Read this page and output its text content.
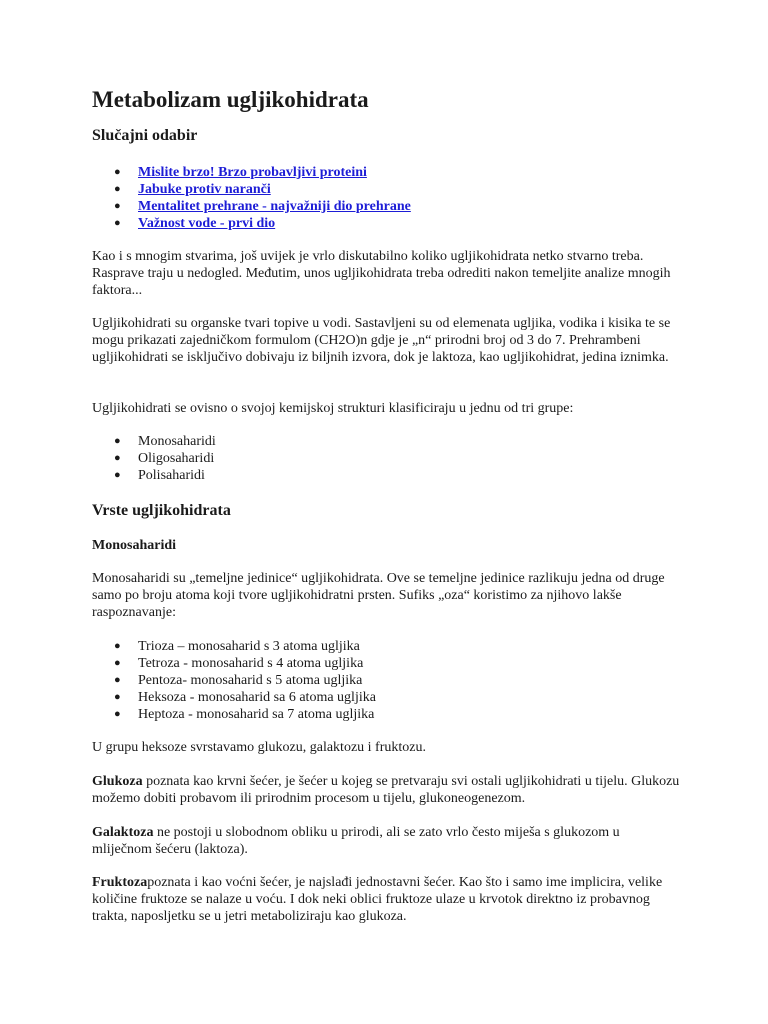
Metabolizam ugljikohidrata
Slučajni odabir
● Mislite brzo! Brzo probavljivi proteini
● Jabuke protiv naranči
● Mentalitet prehrane - najvažniji dio prehrane
● Važnost vode - prvi dio

Kao i s mnogim stvarima, još uvijek je vrlo diskutabilno koliko ugljikohidrata netko stvarno treba. Rasprave traju u nedogled. Međutim, unos ugljikohidrata treba odrediti nakon temeljite analize mnogih faktora...

Ugljikohidrati su organske tvari topive u vodi. Sastavljeni su od elemenata ugljika, vodika i kisika te se mogu prikazati zajedničkom formulom (CH2O)n gdje je „n“ prirodni broj od 3 do 7. Prehrambeni ugljikohidrati se isključivo dobivaju iz biljnih izvora, dok je laktoza, kao ugljikohidrat, jedina iznimka.

Ugljikohidrati se ovisno o svojoj kemijskoj strukturi klasificiraju u jednu od tri grupe:

● Monosaharidi
● Oligosaharidi
● Polisaharidi
Vrste ugljikohidrata
Monosaharidi

Monosaharidi su „temeljne jedinice“ ugljikohidrata. Ove se temeljne jedinice razlikuju jedna od druge samo po broju atoma koji tvore ugljikohidratni prsten. Sufiks „oza“ koristimo za njihovo lakše raspoznavanje:

● Trioza – monosaharid s 3 atoma ugljika
● Tetroza - monosaharid s 4 atoma ugljika
● Pentoza- monosaharid s 5 atoma ugljika
● Heksoza - monosaharid sa 6 atoma ugljika
● Heptoza - monosaharid sa 7 atoma ugljika

U grupu heksoze svrstavamo glukozu, galaktozu i fruktozu.

Glukoza poznata kao krvni šećer, je šećer u kojeg se pretvaraju svi ostali ugljikohidrati u tijelu. Glukozu možemo dobiti probavom ili prirodnim procesom u tijelu, glukoneogenezom.

Galaktoza ne postoji u slobodnom obliku u prirodi, ali se zato vrlo često miješa s glukozom u mliječnom šećeru (laktoza).

Fruktozapoznata i kao voćni šećer, je najslađi jednostavni šećer. Kao što i samo ime implicira, velike količine fruktoze se nalaze u voću. I dok neki oblici fruktoze ulaze u krvotok direktno iz probavnog trakta, naposljetku se u jetri metaboliziraju kao glukoza.
